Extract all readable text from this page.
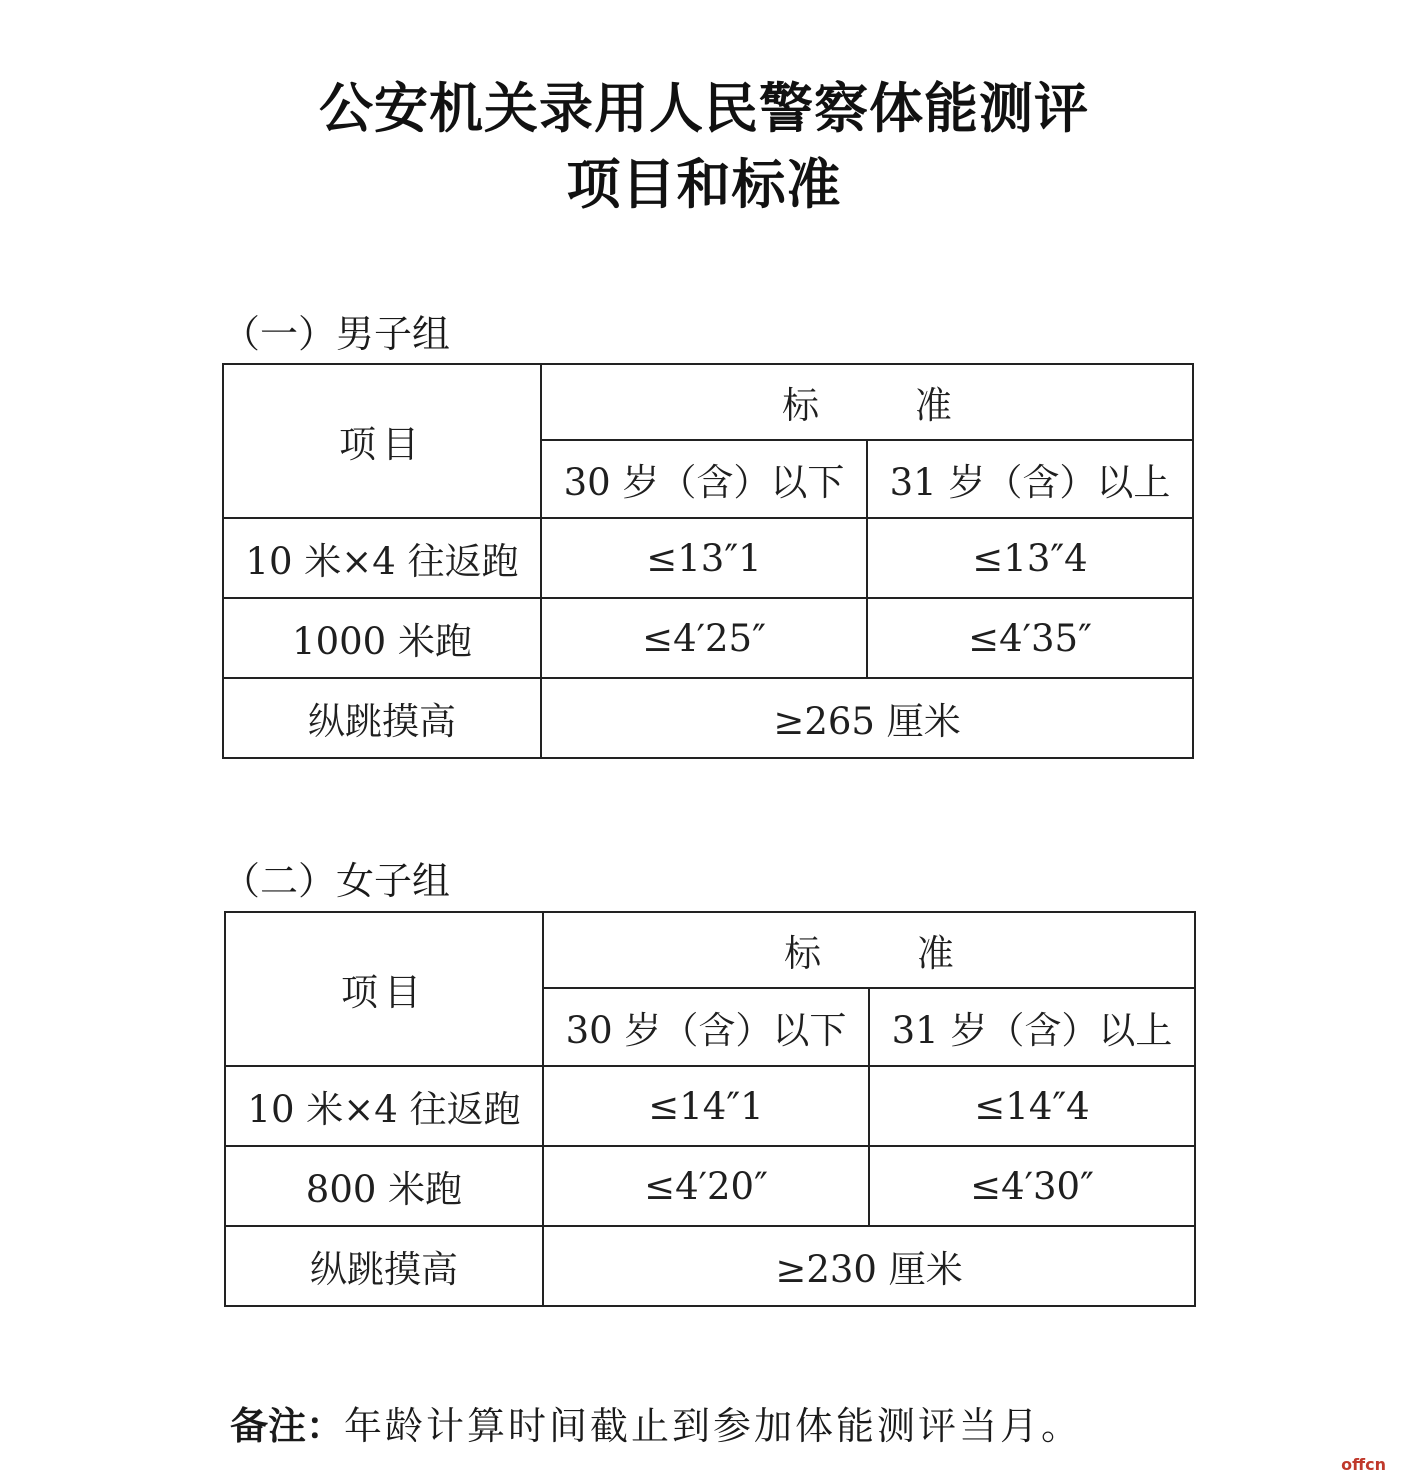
公安机关录用人民警察体能测评
项目和标准
（一）男子组
项目	标 准	
	30 岁（含）以下	31 岁（含）以上
10 米×4 往返跑	≤13″1	≤13″4
1000 米跑	≤4′25″	≤4′35″
纵跳摸高	≥265 厘米	
（二）女子组
项目	标 准	
	30 岁（含）以下	31 岁（含）以上
10 米×4 往返跑	≤14″1	≤14″4
800 米跑	≤4′20″	≤4′30″
纵跳摸高	≥230 厘米	
备注：年龄计算时间截止到参加体能测评当月。
offcn
